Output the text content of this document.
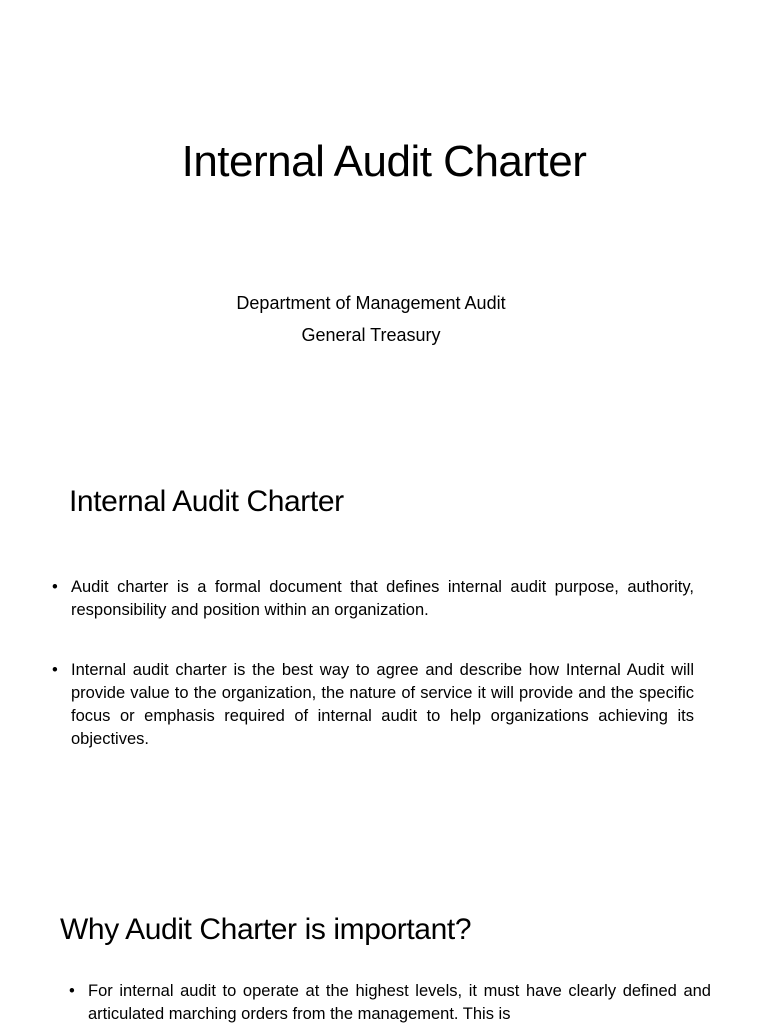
Internal Audit Charter

Department of Management Audit

General Treasury

Internal Audit Charter
• Audit charter is a formal document that defines internal audit purpose, authority, responsibility and position within an organization.
• Internal audit charter is the best way to agree and describe how Internal Audit will provide value to the organization, the nature of service it will provide and the specific focus or emphasis required of internal audit to help organizations achieving its objectives.
Why Audit Charter is important?
• For internal audit to operate at the highest levels, it must have clearly defined and articulated marching orders from the management. This is
